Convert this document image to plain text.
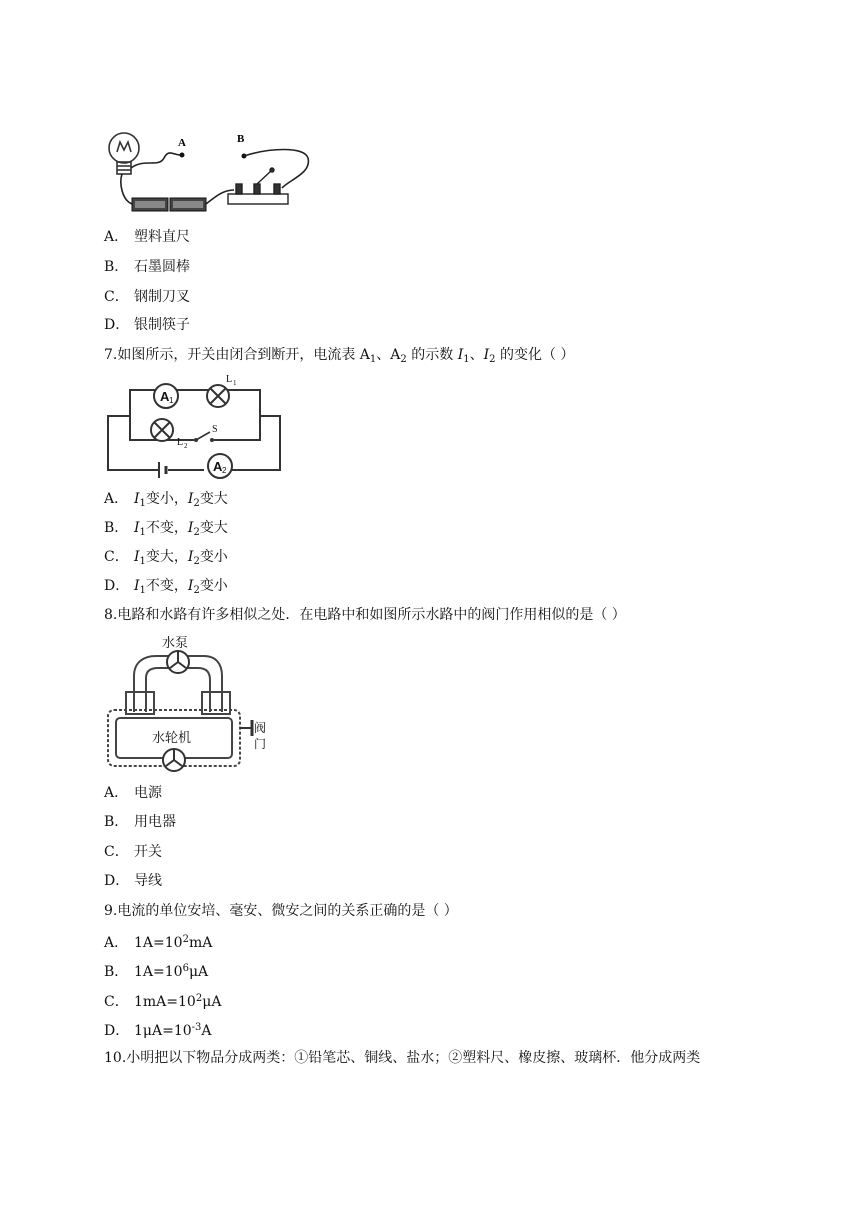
A	B
A． 塑料直尺
B． 石墨圆棒
C． 钢制刀叉
D． 银制筷子
7.如图所示，开关由闭合到断开，电流表 $A_1$、$A_2$ 的示数 $I_1$、$I_2$ 的变化（ ）
A 1
L 1
L 2
S
A 2
A． $I_1$变小，$I_2$变大
B． $I_1$不变，$I_2$变大
C． $I_1$变大，$I_2$变小
D． $I_1$不变，$I_2$变小
8.电路和水路有许多相似之处．在电路中和如图所示水路中的阀门作用相似的是（ ）
水泵
水轮机
阀
门
A． 电源
B． 用电器
C． 开关
D． 导线
9.电流的单位安培、毫安、微安之间的关系正确的是（ ）
A． $1A=10^2mA$
B． $1A=10^6\mu A$
C． $1mA=10^2\mu A$
D． $1\mu A=10^{-3}A$
10.小明把以下物品分成两类：①铅笔芯、铜线、盐水；②塑料尺、橡皮擦、玻璃杯．他分成两类
